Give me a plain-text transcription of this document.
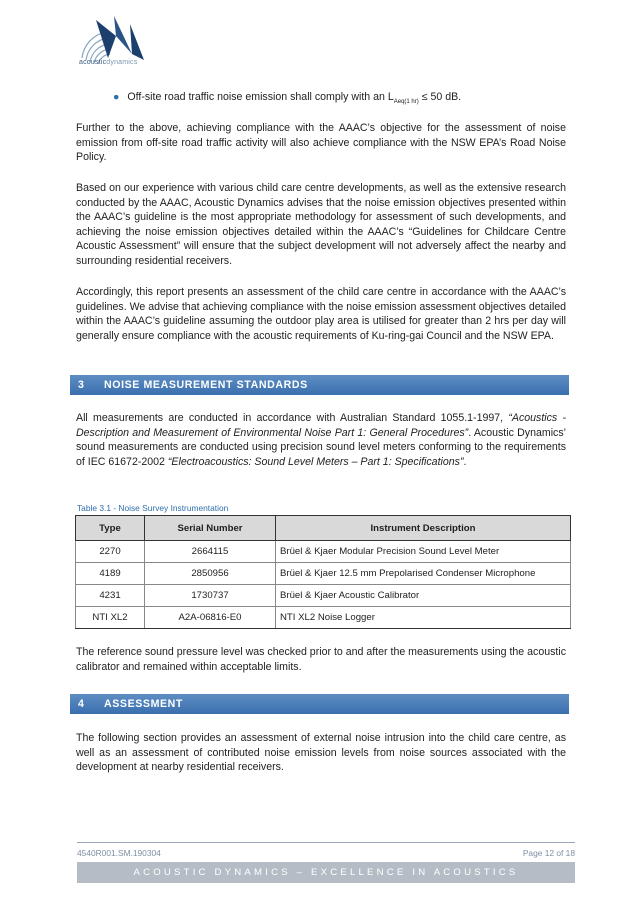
acousticdynamics
● Off-site road traffic noise emission shall comply with an $L_{Aeq(1 hr)} \le 50$ dB.

Further to the above, achieving compliance with the AAAC’s objective for the assessment of noise emission from off-site road traffic activity will also achieve compliance with the NSW EPA’s Road Noise Policy.

Based on our experience with various child care centre developments, as well as the extensive research conducted by the AAAC, Acoustic Dynamics advises that the noise emission objectives presented within the AAAC’s guideline is the most appropriate methodology for assessment of such developments, and achieving the noise emission objectives detailed within the AAAC’s “Guidelines for Childcare Centre Acoustic Assessment” will ensure that the subject development will not adversely affect the nearby and surrounding residential receivers.

Accordingly, this report presents an assessment of the child care centre in accordance with the AAAC’s guidelines. We advise that achieving compliance with the noise emission assessment objectives detailed within the AAAC’s guideline assuming the outdoor play area is utilised for greater than 2 hrs per day will generally ensure compliance with the acoustic requirements of Ku-ring-gai Council and the NSW EPA.

3 NOISE MEASUREMENT STANDARDS

All measurements are conducted in accordance with Australian Standard 1055.1-1997, “Acoustics - Description and Measurement of Environmental Noise Part 1: General Procedures”. Acoustic Dynamics’ sound measurements are conducted using precision sound level meters conforming to the requirements of IEC 61672-2002 “Electroacoustics: Sound Level Meters – Part 1: Specifications”.

Table 3.1 - Noise Survey Instrumentation
Type	Serial Number	Instrument Description
2270	2664115	Brüel & Kjaer Modular Precision Sound Level Meter
4189	2850956	Brüel & Kjaer 12.5 mm Prepolarised Condenser Microphone
4231	1730737	Brüel & Kjaer Acoustic Calibrator
NTI XL2	A2A-06816-E0	NTI XL2 Noise Logger

The reference sound pressure level was checked prior to and after the measurements using the acoustic calibrator and remained within acceptable limits.

4 ASSESSMENT

The following section provides an assessment of external noise intrusion into the child care centre, as well as an assessment of contributed noise emission levels from noise sources associated with the development at nearby residential receivers.

4540R001.SM.190304	Page 12 of 18
ACOUSTIC DYNAMICS – EXCELLENCE IN ACOUSTICS
